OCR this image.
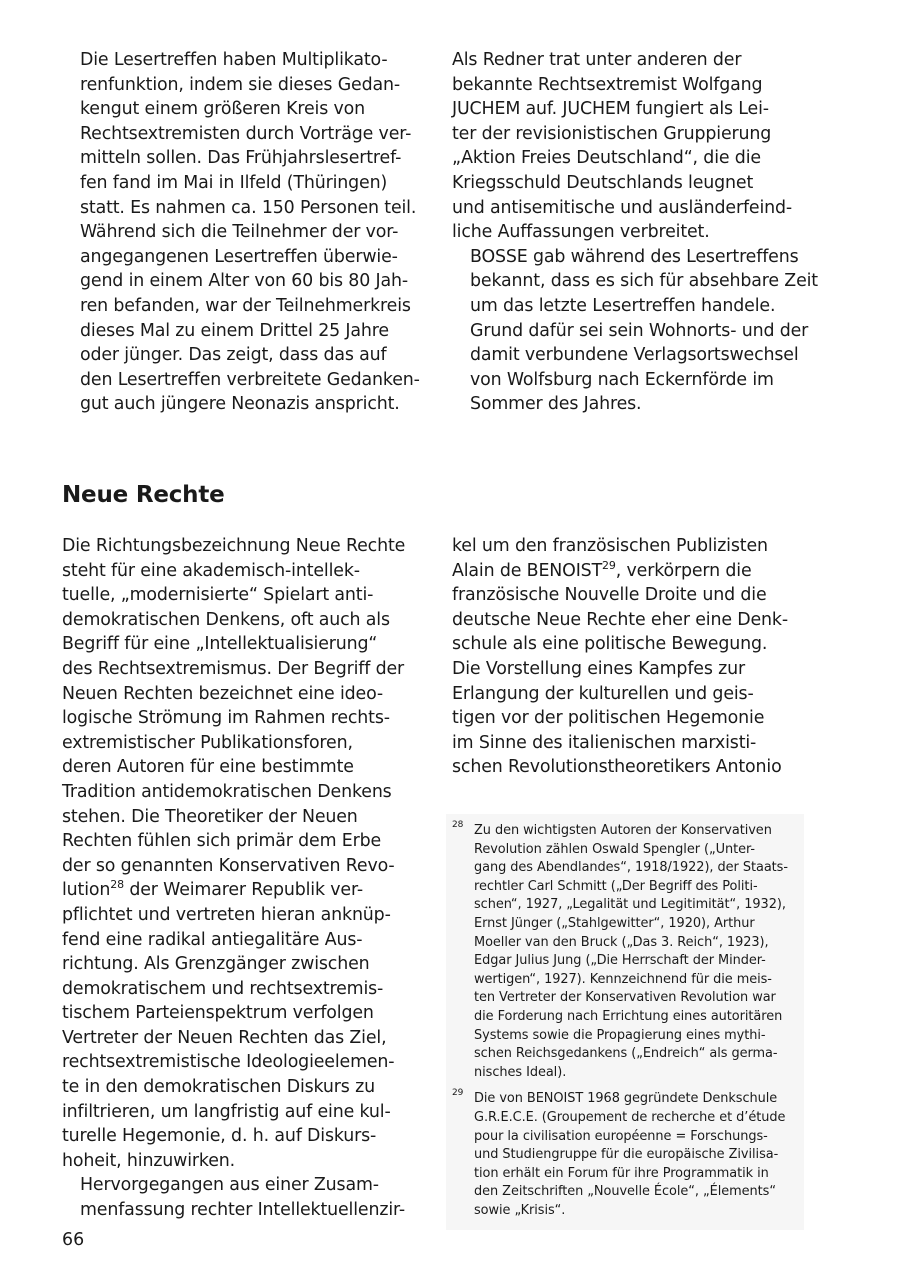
Die Lesertreffen haben Multiplikato-
renfunktion, indem sie dieses Gedan-
kengut einem größeren Kreis von
Rechtsextremisten durch Vorträge ver-
mitteln sollen. Das Frühjahrslesertref-
fen fand im Mai in Ilfeld (Thüringen)
statt. Es nahmen ca. 150 Personen teil.
Während sich die Teilnehmer der vor-
angegangenen Lesertreffen überwie-
gend in einem Alter von 60 bis 80 Jah-
ren befanden, war der Teilnehmerkreis
dieses Mal zu einem Drittel 25 Jahre
oder jünger. Das zeigt, dass das auf
den Lesertreffen verbreitete Gedanken-
gut auch jüngere Neonazis anspricht.

Als Redner trat unter anderen der
bekannte Rechtsextremist Wolfgang
JUCHEM auf. JUCHEM fungiert als Lei-
ter der revisionistischen Gruppierung
„Aktion Freies Deutschland“, die die
Kriegsschuld Deutschlands leugnet
und antisemitische und ausländerfeind-
liche Auffassungen verbreitet.

BOSSE gab während des Lesertreffens
bekannt, dass es sich für absehbare Zeit
um das letzte Lesertreffen handele.
Grund dafür sei sein Wohnorts- und der
damit verbundene Verlagsortswechsel
von Wolfsburg nach Eckernförde im
Sommer des Jahres.

Neue Rechte

Die Richtungsbezeichnung Neue Rechte
steht für eine akademisch-intellek-
tuelle, „modernisierte“ Spielart anti-
demokratischen Denkens, oft auch als
Begriff für eine „Intellektualisierung“
des Rechtsextremismus. Der Begriff der
Neuen Rechten bezeichnet eine ideo-
logische Strömung im Rahmen rechts-
extremistischer Publikationsforen,
deren Autoren für eine bestimmte
Tradition antidemokratischen Denkens
stehen. Die Theoretiker der Neuen
Rechten fühlen sich primär dem Erbe
der so genannten Konservativen Revo-
lution$^{28}$ der Weimarer Republik ver-
pflichtet und vertreten hieran anknüp-
fend eine radikal antiegalitäre Aus-
richtung. Als Grenzgänger zwischen
demokratischem und rechtsextremis-
tischem Parteienspektrum verfolgen
Vertreter der Neuen Rechten das Ziel,
rechtsextremistische Ideologieelemen-
te in den demokratischen Diskurs zu
infiltrieren, um langfristig auf eine kul-
turelle Hegemonie, d. h. auf Diskurs-
hoheit, hinzuwirken.

Hervorgegangen aus einer Zusam-
menfassung rechter Intellektuellenzir-

kel um den französischen Publizisten
Alain de BENOIST$^{29}$, verkörpern die
französische Nouvelle Droite und die
deutsche Neue Rechte eher eine Denk-
schule als eine politische Bewegung.
Die Vorstellung eines Kampfes zur
Erlangung der kulturellen und geis-
tigen vor der politischen Hegemonie
im Sinne des italienischen marxisti-
schen Revolutionstheoretikers Antonio

28 Zu den wichtigsten Autoren der Konservativen
Revolution zählen Oswald Spengler („Unter-
gang des Abendlandes“, 1918/1922), der Staats-
rechtler Carl Schmitt („Der Begriff des Politi-
schen“, 1927, „Legalität und Legitimität“, 1932),
Ernst Jünger („Stahlgewitter“, 1920), Arthur
Moeller van den Bruck („Das 3. Reich“, 1923),
Edgar Julius Jung („Die Herrschaft der Minder-
wertigen“, 1927). Kennzeichnend für die meis-
ten Vertreter der Konservativen Revolution war
die Forderung nach Errichtung eines autoritären
Systems sowie die Propagierung eines mythi-
schen Reichsgedankens („Endreich“ als germa-
nisches Ideal).
29 Die von BENOIST 1968 gegründete Denkschule
G.R.E.C.E. (Groupement de recherche et d’étude
pour la civilisation européenne = Forschungs-
und Studiengruppe für die europäische Zivilisa-
tion erhält ein Forum für ihre Programmatik in
den Zeitschriften „Nouvelle École“, „Élements“
sowie „Krisis“.
66
